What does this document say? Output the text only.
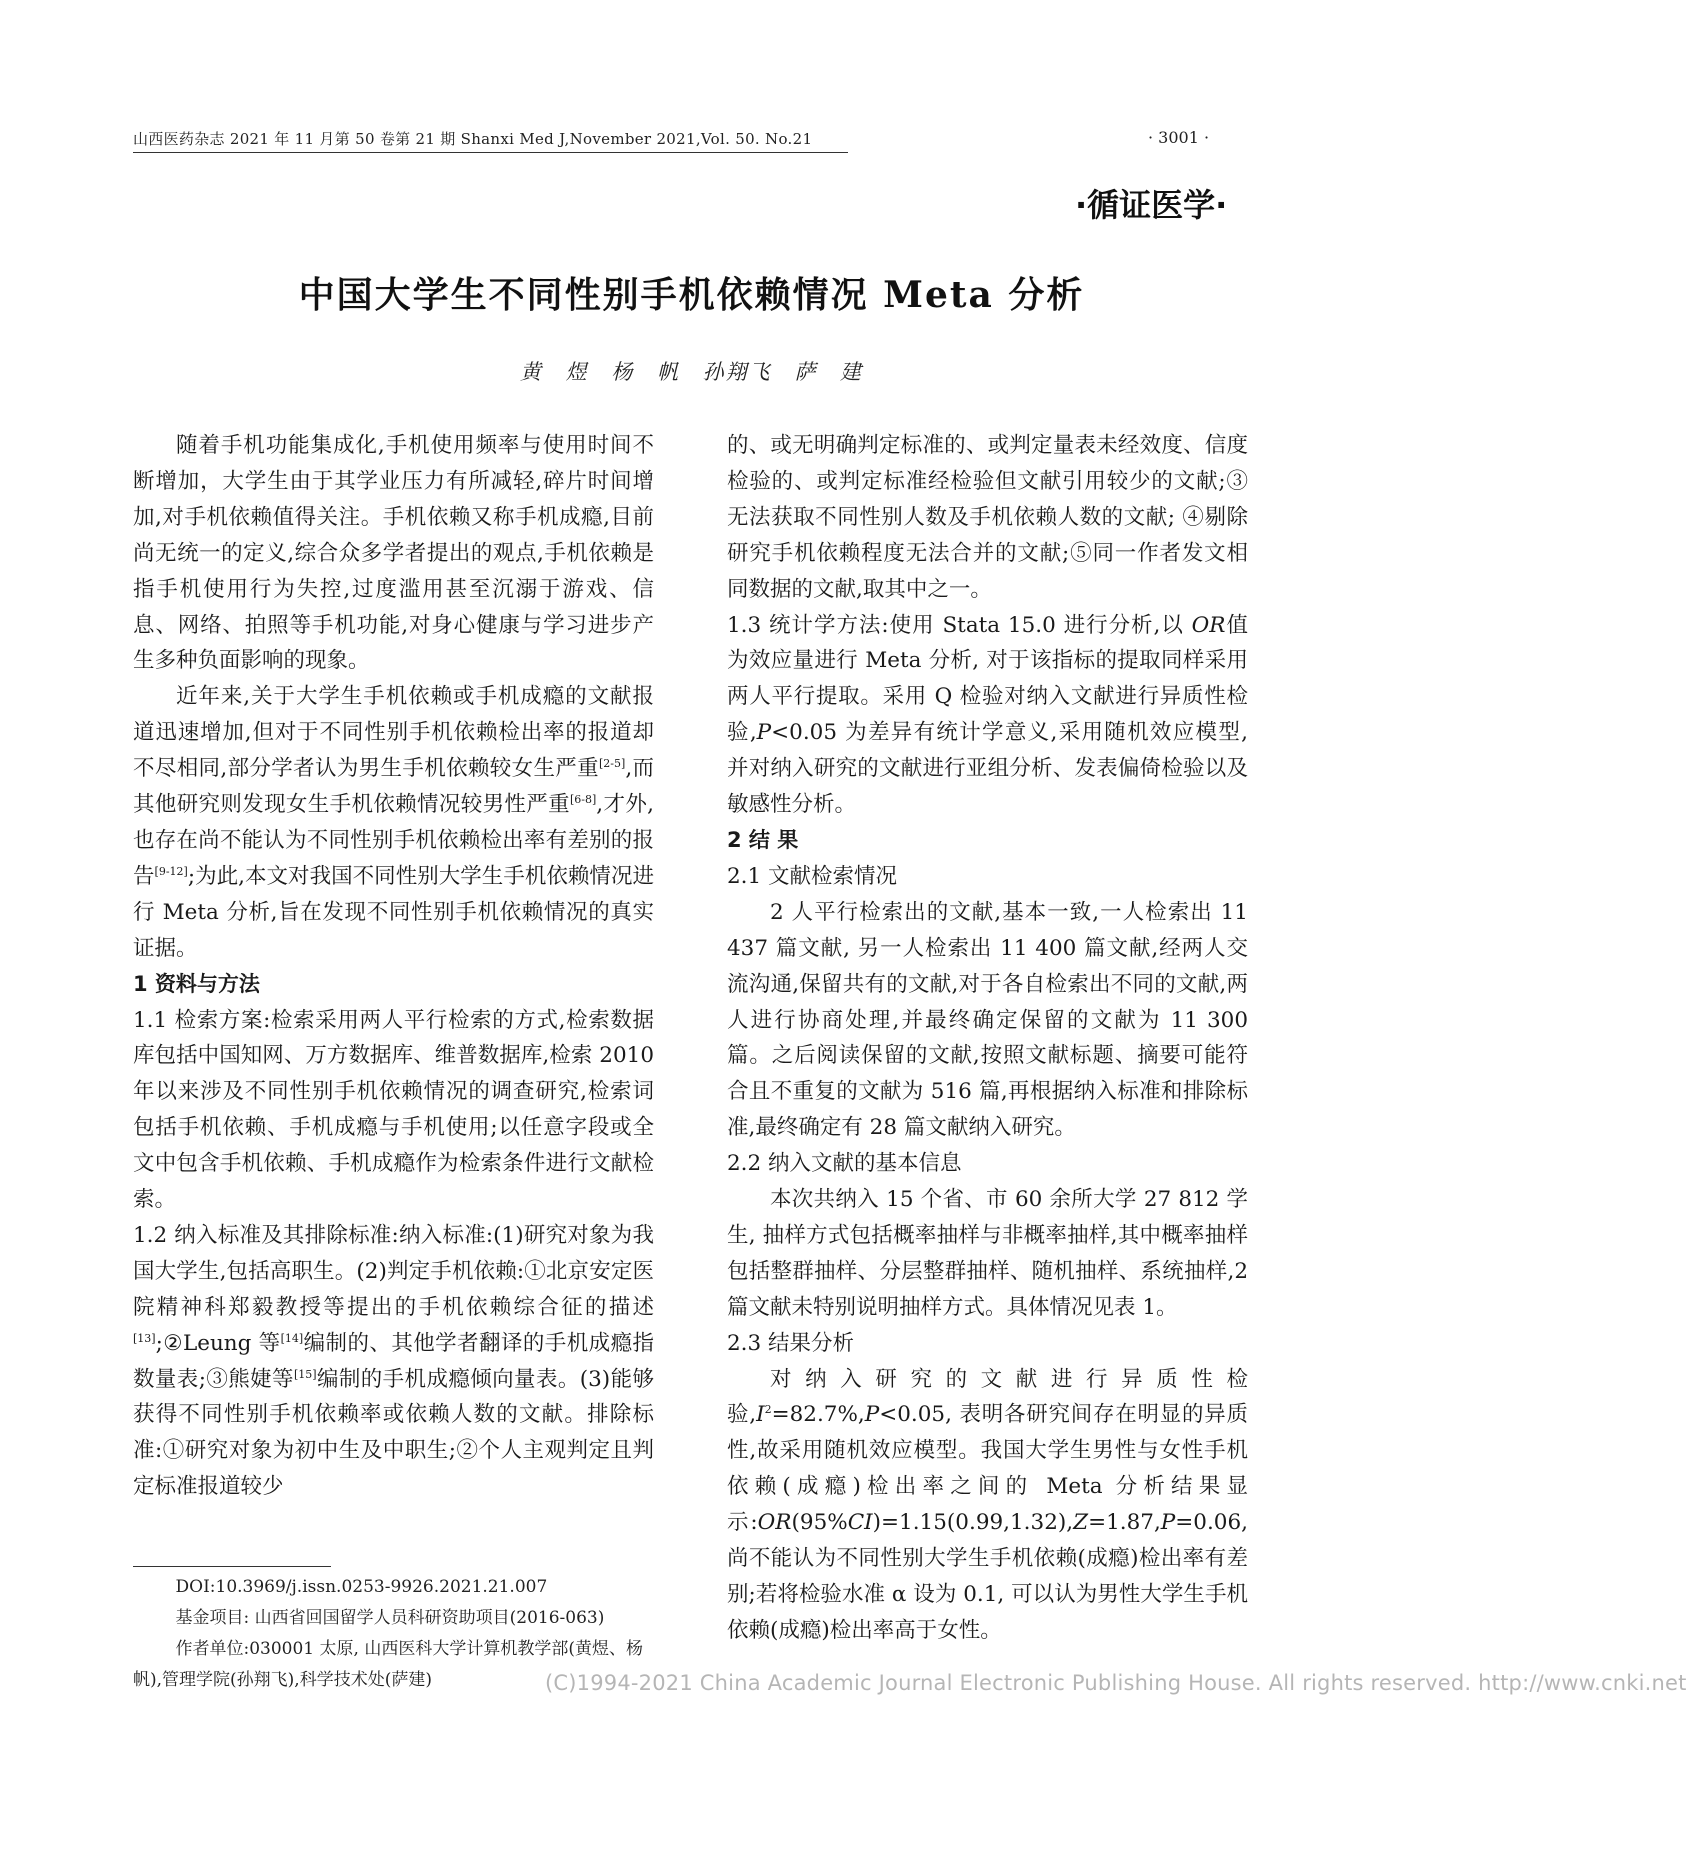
山西医药杂志 2021 年 11 月第 50 卷第 21 期 Shanxi Med J,November 2021,Vol. 50. No.21	· 3001 ·
·循证医学·
中国大学生不同性别手机依赖情况 Meta 分析
黄 煜 杨 帆 孙翔飞 萨 建

随着手机功能集成化,手机使用频率与使用时间不断增加，大学生由于其学业压力有所减轻,碎片时间增加,对手机依赖值得关注。手机依赖又称手机成瘾,目前尚无统一的定义,综合众多学者提出的观点,手机依赖是指手机使用行为失控,过度滥用甚至沉溺于游戏、信息、网络、拍照等手机功能,对身心健康与学习进步产生多种负面影响的现象。

近年来,关于大学生手机依赖或手机成瘾的文献报道迅速增加,但对于不同性别手机依赖检出率的报道却不尽相同,部分学者认为男生手机依赖较女生严重[2-5],而其他研究则发现女生手机依赖情况较男性严重[6-8],才外,也存在尚不能认为不同性别手机依赖检出率有差别的报告[9-12];为此,本文对我国不同性别大学生手机依赖情况进行 Meta 分析,旨在发现不同性别手机依赖情况的真实证据。

1 资料与方法

1.1 检索方案:检索采用两人平行检索的方式,检索数据库包括中国知网、万方数据库、维普数据库,检索 2010 年以来涉及不同性别手机依赖情况的调查研究,检索词包括手机依赖、手机成瘾与手机使用;以任意字段或全文中包含手机依赖、手机成瘾作为检索条件进行文献检索。

1.2 纳入标准及其排除标准:纳入标准:(1)研究对象为我国大学生,包括高职生。(2)判定手机依赖:①北京安定医院精神科郑毅教授等提出的手机依赖综合征的描述[13];②Leung 等[14]编制的、其他学者翻译的手机成瘾指数量表;③熊婕等[15]编制的手机成瘾倾向量表。(3)能够获得不同性别手机依赖率或依赖人数的文献。排除标准:①研究对象为初中生及中职生;②个人主观判定且判定标准报道较少

的、或无明确判定标准的、或判定量表未经效度、信度检验的、或判定标准经检验但文献引用较少的文献;③无法获取不同性别人数及手机依赖人数的文献; ④剔除研究手机依赖程度无法合并的文献;⑤同一作者发文相同数据的文献,取其中之一。

1.3 统计学方法:使用 Stata 15.0 进行分析,以 OR值为效应量进行 Meta 分析, 对于该指标的提取同样采用两人平行提取。采用 Q 检验对纳入文献进行异质性检验,P<0.05 为差异有统计学意义,采用随机效应模型, 并对纳入研究的文献进行亚组分析、发表偏倚检验以及敏感性分析。

2 结 果

2.1 文献检索情况

2 人平行检索出的文献,基本一致,一人检索出 11 437 篇文献, 另一人检索出 11 400 篇文献,经两人交流沟通,保留共有的文献,对于各自检索出不同的文献,两人进行协商处理,并最终确定保留的文献为 11 300 篇。之后阅读保留的文献,按照文献标题、摘要可能符合且不重复的文献为 516 篇,再根据纳入标准和排除标准,最终确定有 28 篇文献纳入研究。

2.2 纳入文献的基本信息

本次共纳入 15 个省、市 60 余所大学 27 812 学生, 抽样方式包括概率抽样与非概率抽样,其中概率抽样包括整群抽样、分层整群抽样、随机抽样、系统抽样,2 篇文献未特别说明抽样方式。具体情况见表 1。

2.3 结果分析

对纳入研究的文献进行异质性检验$,I^2=82.7\%,P<0.05$, 表明各研究间存在明显的异质性,故采用随机效应模型。我国大学生男性与女性手机依赖(成瘾)检出率之间的 Meta 分析结果显示:OR(95%CI)=1.15(0.99,1.32),Z=1.87,P=0.06,尚不能认为不同性别大学生手机依赖(成瘾)检出率有差别;若将检验水准 α 设为 0.1, 可以认为男性大学生手机依赖(成瘾)检出率高于女性。

DOI:10.3969/j.issn.0253-9926.2021.21.007

基金项目: 山西省回国留学人员科研资助项目(2016-063)

作者单位:030001 太原, 山西医科大学计算机教学部(黄煜、杨帆),管理学院(孙翔飞),科学技术处(萨建)	(C)1994-2021 China Academic Journal Electronic Publishing House. All rights reserved. http://www.cnki.net
